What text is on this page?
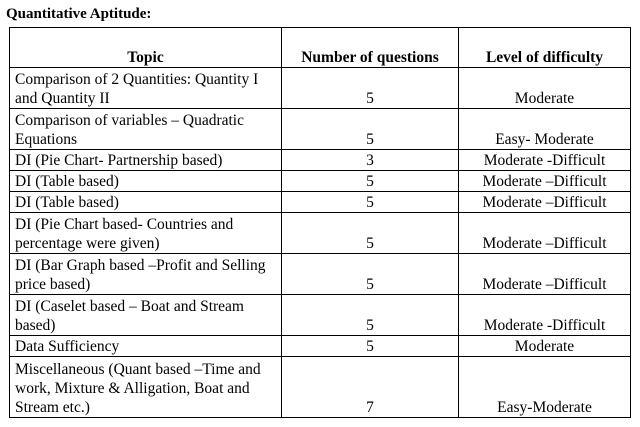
Quantitative Aptitude:
Topic	Number of questions	Level of difficulty
Comparison of 2 Quantities: Quantity I and Quantity II	5	Moderate
Comparison of variables – Quadratic Equations	5	Easy- Moderate
DI (Pie Chart- Partnership based)	3	Moderate -Difficult
DI (Table based)	5	Moderate –Difficult
DI (Table based)	5	Moderate –Difficult
DI (Pie Chart based- Countries and percentage were given)	5	Moderate –Difficult
DI (Bar Graph based –Profit and Selling price based)	5	Moderate –Difficult
DI (Caselet based – Boat and Stream based)	5	Moderate -Difficult
Data Sufficiency	5	Moderate
Miscellaneous (Quant based –Time and work, Mixture & Alligation, Boat and Stream etc.)	7	Easy-Moderate
